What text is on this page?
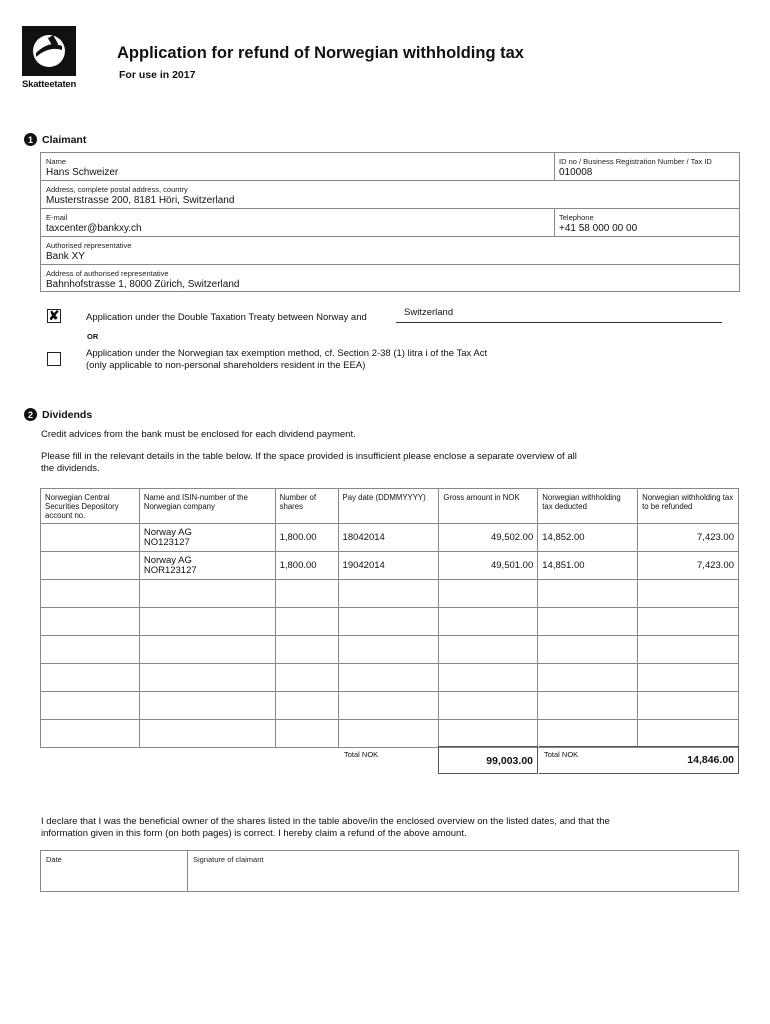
Skatteetaten
Application for refund of Norwegian withholding tax
For use in 2017
1 Claimant
Name
Hans Schweizer
ID no / Business Registration Number / Tax ID
010008
Address, complete postal address, country
Musterstrasse 200, 8181 Höri, Switzerland
E-mail
taxcenter@bankxy.ch
Telephone
+41 58 000 00 00
Authorised representative
Bank XY
Address of authorised representative
Bahnhofstrasse 1, 8000 Zürich, Switzerland
✘	Application under the Double Taxation Treaty between Norway and	Switzerland
OR
Application under the Norwegian tax exemption method, cf. Section 2-38 (1) litra i of the Tax Act
(only applicable to non-personal shareholders resident in the EEA)
2 Dividends
Credit advices from the bank must be enclosed for each dividend payment.
Please fill in the relevant details in the table below. If the space provided is insufficient please enclose a separate overview of all
the dividends.
Norwegian Central Securities Depository account no.	Name and ISIN-number of the Norwegian company	Number of shares	Pay date (DDMMYYYY)	Gross amount in NOK	Norwegian withholding tax deducted	Norwegian withholding tax to be refunded

	Norway AG
NO123127	1,800.00	18042014	49,502.00	14,852.00	7,423.00

	Norway AG
NOR123127	1,800.00	19042014	49,501.00	14,851.00	7,423.00

Total NOK
99,003.00
Total NOK	14,846.00
I declare that I was the beneficial owner of the shares listed in the table above/in the enclosed overview on the listed dates, and that the
information given in this form (on both pages) is correct. I hereby claim a refund of the above amount.
Date	Signature of claimant
